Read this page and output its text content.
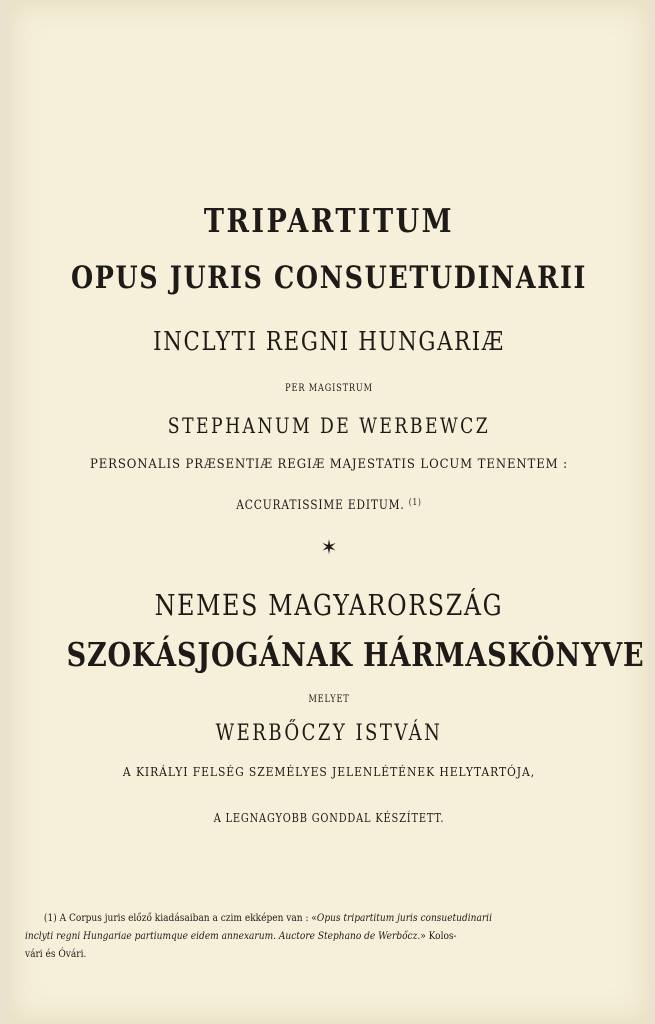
TRIPARTITUM
OPUS JURIS CONSUETUDINARII
INCLYTI REGNI HUNGARIÆ
PER MAGISTRUM
STEPHANUM DE WERBEWCZ
PERSONALIS PRÆSENTIÆ REGIÆ MAJESTATIS LOCUM TENENTEM :
ACCURATISSIME EDITUM. $^{(1)}$
✶
NEMES MAGYARORSZÁG
SZOKÁSJOGÁNAK HÁRMASKÖNYVE
MELYET
WERBŐCZY ISTVÁN
A KIRÁLYI FELSÉG SZEMÉLYES JELENLÉTÉNEK HELYTARTÓJA,
A LEGNAGYOBB GONDDAL KÉSZÍTETT.
(1) A Corpus juris előző kiadásaiban a czim ekképen van : «Opus tripartitum juris consuetudinarii
inclyti regni Hungariae partiumque eidem annexarum. Auctore Stephano de Werbőcz.» Kolos-
vári és Óvári.
